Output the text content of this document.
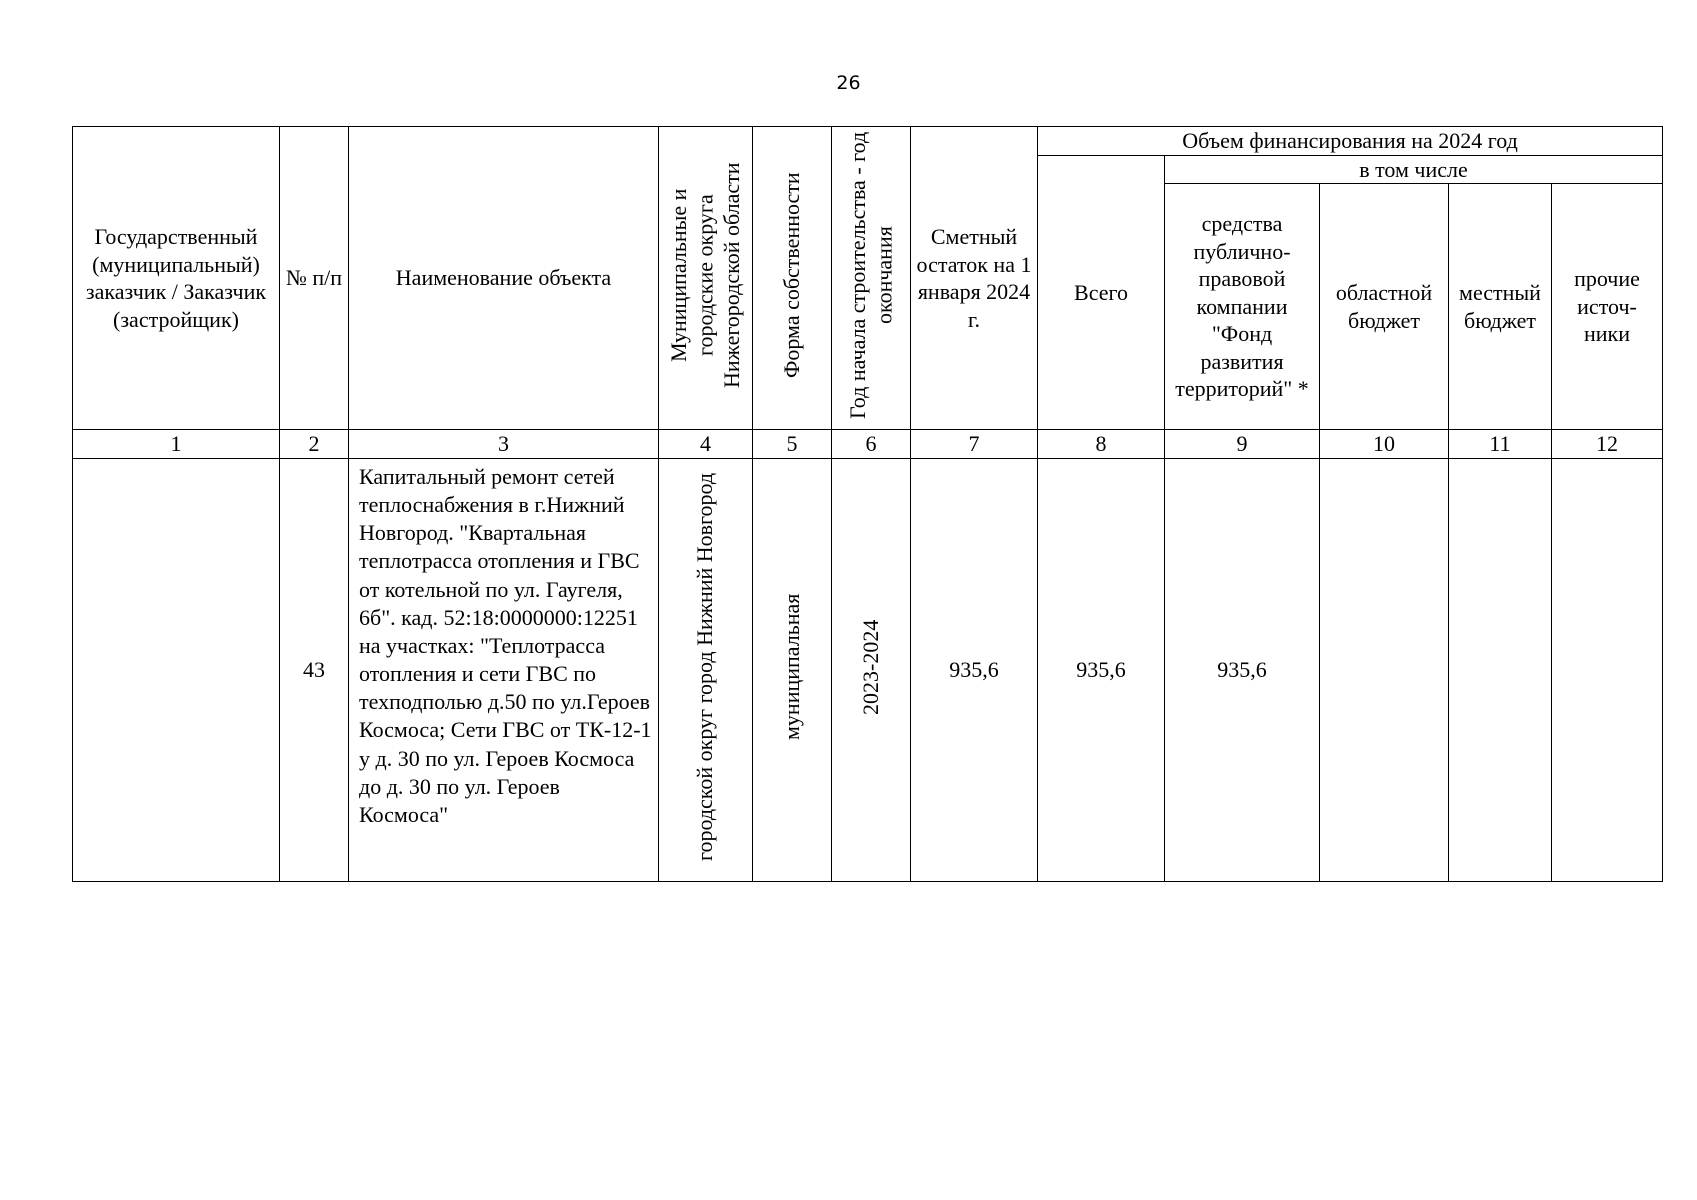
26
Государственный (муниципальный) заказчик / Заказчик (застройщик)	№ п/п	Наименование объекта	Муниципальные и городские округа Нижегородской области	Форма собственности	Год начала строительства - год окончания	Сметный остаток на 1 января 2024 г.	Объем финансирования на 2024 год				
							Всего	в том числе			
								средства публично-правовой компании "Фонд развития территорий" *	областной бюджет	местный бюджет	прочие источ-ники
1	2	3	4	5	6	7	8	9	10	11	12
	43	Капитальный ремонт сетей теплоснабжения в г.Нижний Новгород. "Квартальная теплотрасса отопления и ГВС от котельной по ул. Гаугеля, 6б". кад. 52:18:0000000:12251 на участках: "Теплотрасса отопления и сети ГВС по техподполью д.50 по ул.Героев Космоса; Сети ГВС от ТК-12-1 у д. 30 по ул. Героев Космоса до д. 30 по ул. Героев Космоса"	городской округ город Нижний Новгород	муниципальная	2023-2024	935,6	935,6	935,6			
